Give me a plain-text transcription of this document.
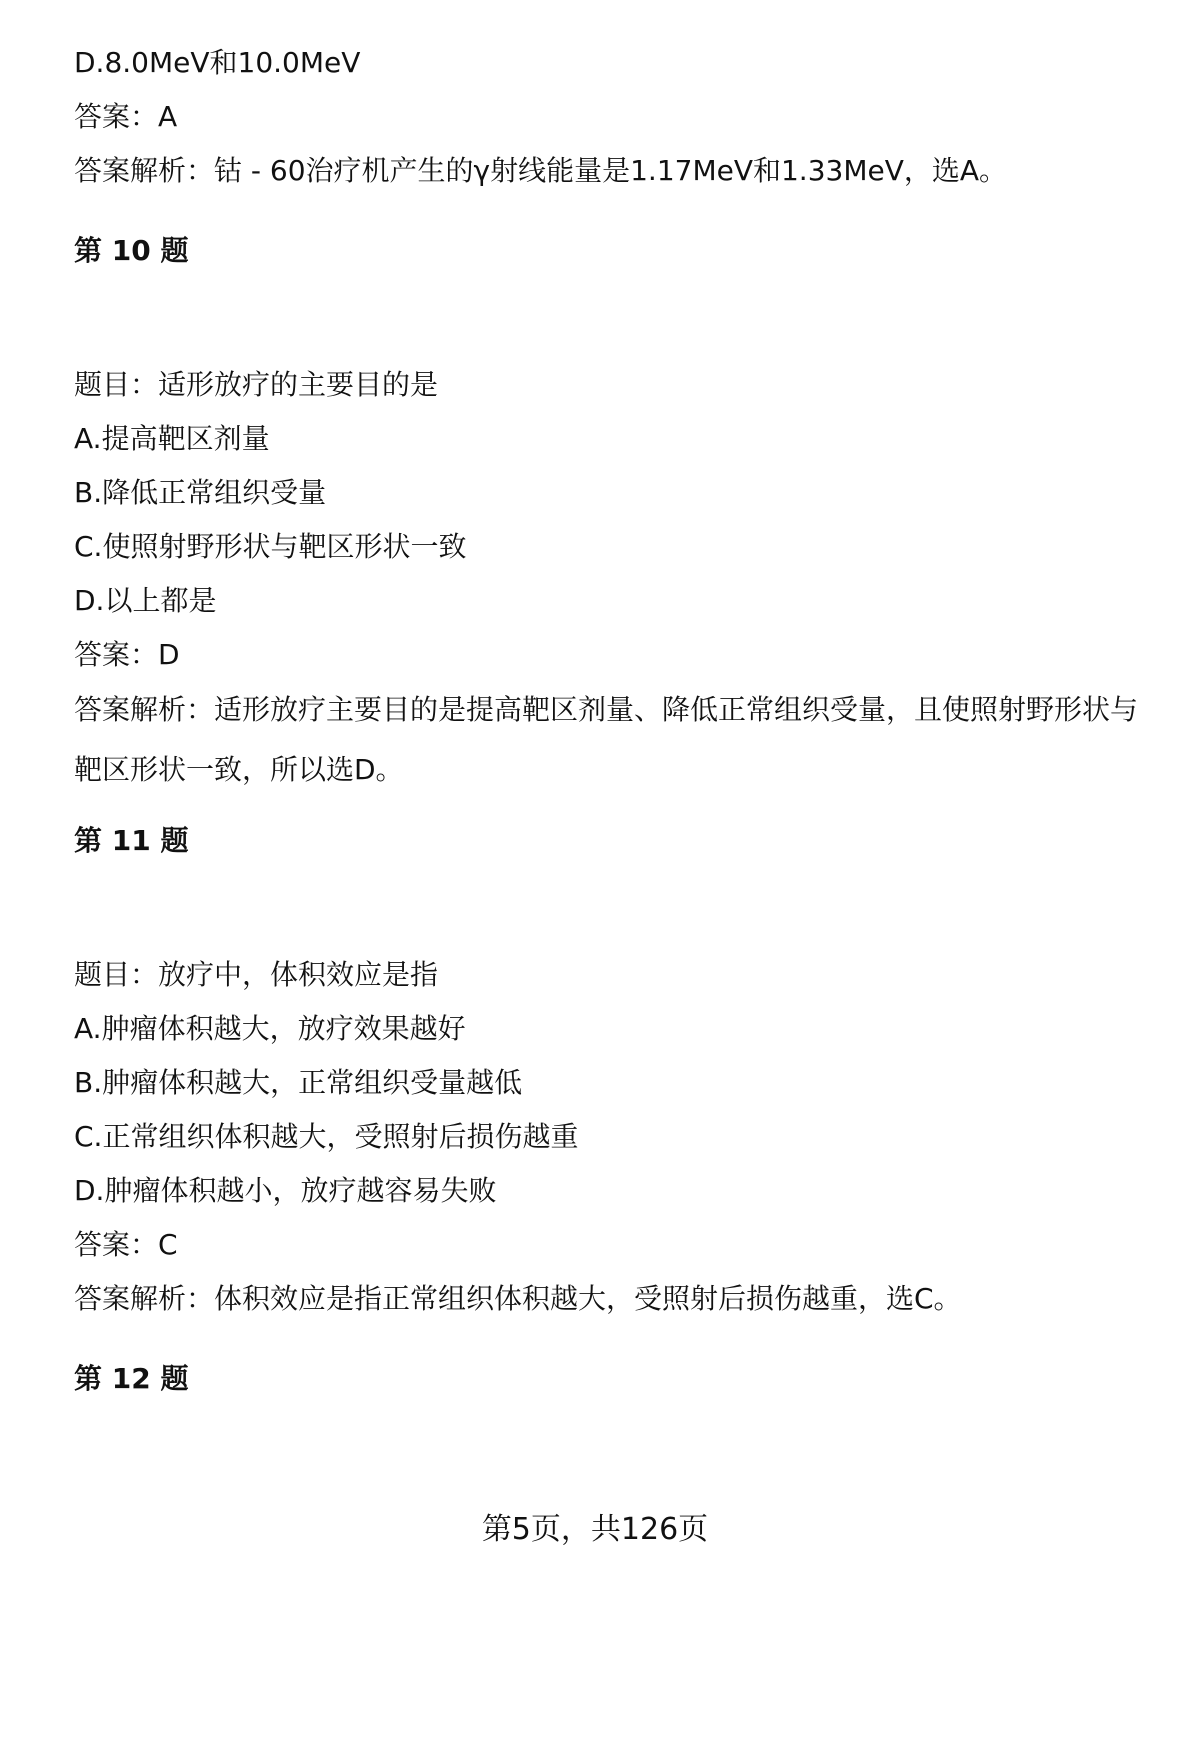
D.8.0MeV和10.0MeV
答案：A
答案解析：钴 - 60治疗机产生的γ射线能量是1.17MeV和1.33MeV，选A。
第 10 题
题目：适形放疗的主要目的是
A.提高靶区剂量
B.降低正常组织受量
C.使照射野形状与靶区形状一致
D.以上都是
答案：D
答案解析：适形放疗主要目的是提高靶区剂量、降低正常组织受量，且使照射野形状与靶区形状一致，所以选D。
第 11 题
题目：放疗中，体积效应是指
A.肿瘤体积越大，放疗效果越好
B.肿瘤体积越大，正常组织受量越低
C.正常组织体积越大，受照射后损伤越重
D.肿瘤体积越小，放疗越容易失败
答案：C
答案解析：体积效应是指正常组织体积越大，受照射后损伤越重，选C。
第 12 题
第5页，共126页
